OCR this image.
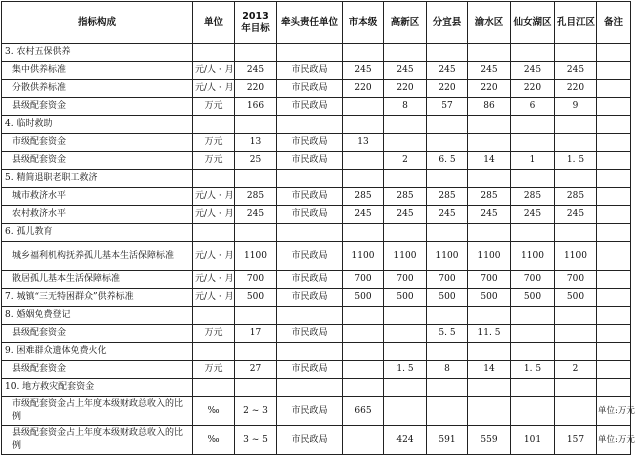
指标构成	单位	2013 年目标	牵头责任单位	市本级	高新区	分宜县	渝水区	仙女湖区	孔目江区	备注
3. 农村五保供养										
集中供养标准	元/人 · 月	245	市民政局	245	245	245	245	245	245	
分散供养标准	元/人 · 月	220	市民政局	220	220	220	220	220	220	
县级配套资金	万元	166	市民政局		8	57	86	6	9	
4. 临时救助										
市级配套资金	万元	13	市民政局	13						
县级配套资金	万元	25	市民政局		2	6. 5	14	1	1. 5	
5. 精简退职老职工救济										
城市救济水平	元/人 · 月	285	市民政局	285	285	285	285	285	285	
农村救济水平	元/人 · 月	245	市民政局	245	245	245	245	245	245	
6. 孤儿教育										
城乡福利机构抚养孤儿基本生活保障标准	元/人 · 月	1100	市民政局	1100	1100	1100	1100	1100	1100	
散居孤儿基本生活保障标准	元/人 · 月	700	市民政局	700	700	700	700	700	700	
7. 城镇“三无特困群众”供养标准	元/人 · 月	500	市民政局	500	500	500	500	500	500	
8. 婚姻免费登记										
县级配套资金	万元	17	市民政局			5. 5	11. 5			
9. 困难群众遗体免费火化										
县级配套资金	万元	27	市民政局		1. 5	8	14	1. 5	2	
10. 地方救灾配套资金										
市级配套资金占上年度本级财政总收入的比例	‰	2 ~ 3	市民政局	665						单位:万元
县级配套资金占上年度本级财政总收入的比例	‰	3 ~ 5	市民政局		424	591	559	101	157	单位:万元
